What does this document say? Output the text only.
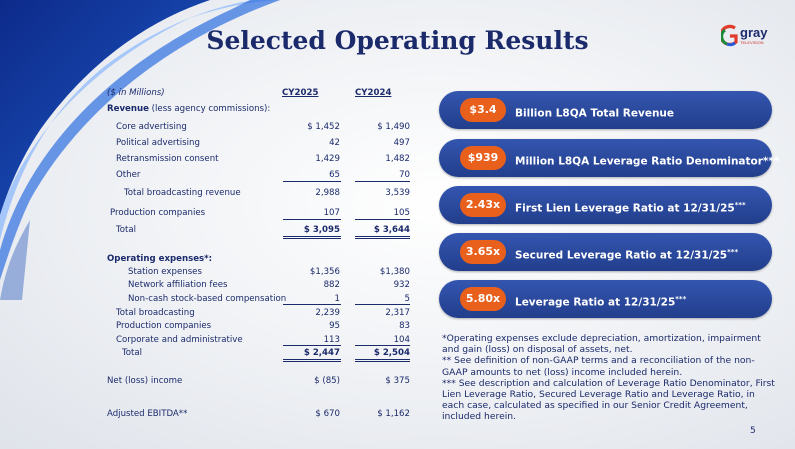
Selected Operating Results	gray
TELEVISION
($ in Millions)	CY2025	CY2024
Revenue (less agency commissions):
Core advertising	$ 1,452	$ 1,490
Political advertising	42	497
Retransmission consent	1,429	1,482
Other	65	70
Total broadcasting revenue	2,988	3,539
Production companies	107	105
Total	$ 3,095	$ 3,644
Operating expenses*:
Station expenses	$1,356	$1,380
Network affiliation fees	882	932
Non-cash stock-based compensation	1	5
Total broadcasting	2,239	2,317
Production companies	95	83
Corporate and administrative	113	104
Total	$ 2,447	$ 2,504
Net (loss) income	$ (85)	$ 375
Adjusted EBITDA**	$ 670	$ 1,162
$3.4	Billion L8QA Total Revenue
$939	Million L8QA Leverage Ratio Denominator***
2.43x	First Lien Leverage Ratio at 12/31/25***
3.65x	Secured Leverage Ratio at 12/31/25***
5.80x	Leverage Ratio at 12/31/25***
*Operating expenses exclude depreciation, amortization, impairment and gain (loss) on disposal of assets, net.
** See definition of non-GAAP terms and a reconciliation of the non-GAAP amounts to net (loss) income included herein.
*** See description and calculation of Leverage Ratio Denominator, First Lien Leverage Ratio, Secured Leverage Ratio and Leverage Ratio, in each case, calculated as specified in our Senior Credit Agreement, included herein.
5
